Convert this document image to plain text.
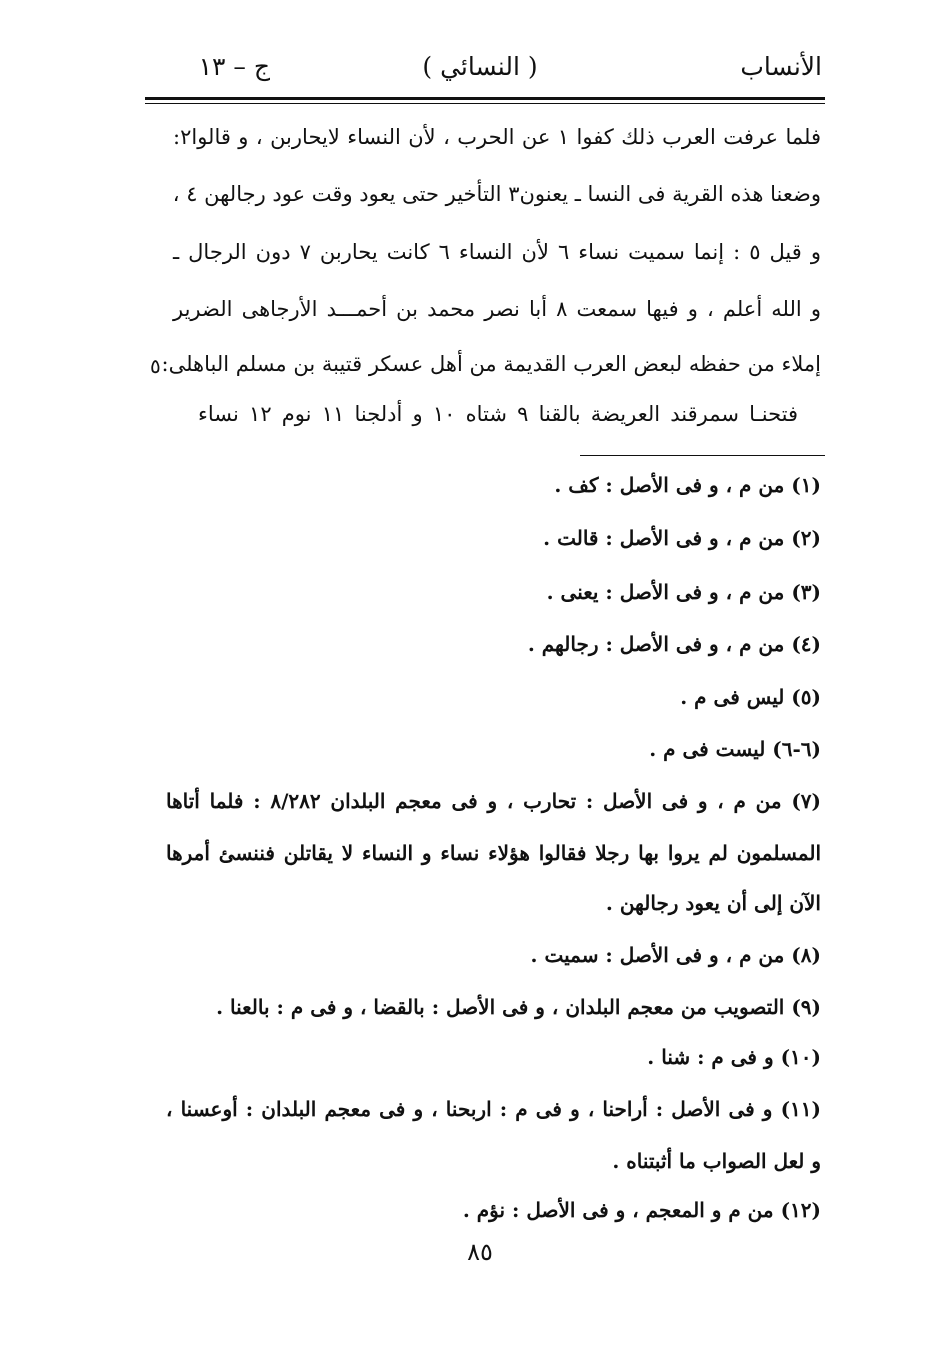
الأنساب
( النسائي )
ج – ١٣
فلما عرفت العرب ذلك كفوا ١ عن الحرب ، لأن النساء لايحاربن ، و قالوا٢:
وضعنا هذه القرية فى النسا ـ يعنون٣ التأخير حتى يعود وقت عود رجالهن ٤ ،
و قيل ٥ : إنما سميت نساء ٦ لأن النساء ٦ كانت يحاربن ٧ دون الرجال ـ
و الله أعلم ، و فيها سمعت ٨ أبا نصر محمد بن أحمـــد الأرجاهى الضرير
إملاء من حفظه لبعض العرب القديمة من أهل عسكر قتيبة بن مسلم الباهلى:
٥
فتحنـا سمرقند العريضة بالقنا ٩ شتاه ١٠ و أدلجنا ١١ نوم ١٢ نساء
(١) من م ، و فى الأصل : كف .
(٢) من م ، و فى الأصل : قالت .
(٣) من م ، و فى الأصل : يعنى .
(٤) من م ، و فى الأصل : رجالهم .
(٥) ليس فى م .
(٦-٦) ليست فى م .
(٧) من م ، و فى الأصل : تحارب ، و فى معجم البلدان ٨/٢٨٢ : فلما أتاها
المسلمون لم يروا بها رجلا فقالوا هؤلاء نساء و النساء لا يقاتلن فننسئ أمرها
الآن إلى أن يعود رجالهن .
(٨) من م ، و فى الأصل : سميت .
(٩) التصويب من معجم البلدان ، و فى الأصل : بالقضا ، و فى م : بالعنا .
(١٠) و فى م : شنا .
(١١) و فى الأصل : أراحنا ، و فى م : اربحنا ، و فى معجم البلدان : أوعسنا ،
و لعل الصواب ما أثبتناه .
(١٢) من م و المعجم ، و فى الأصل : نؤم .
٨٥
